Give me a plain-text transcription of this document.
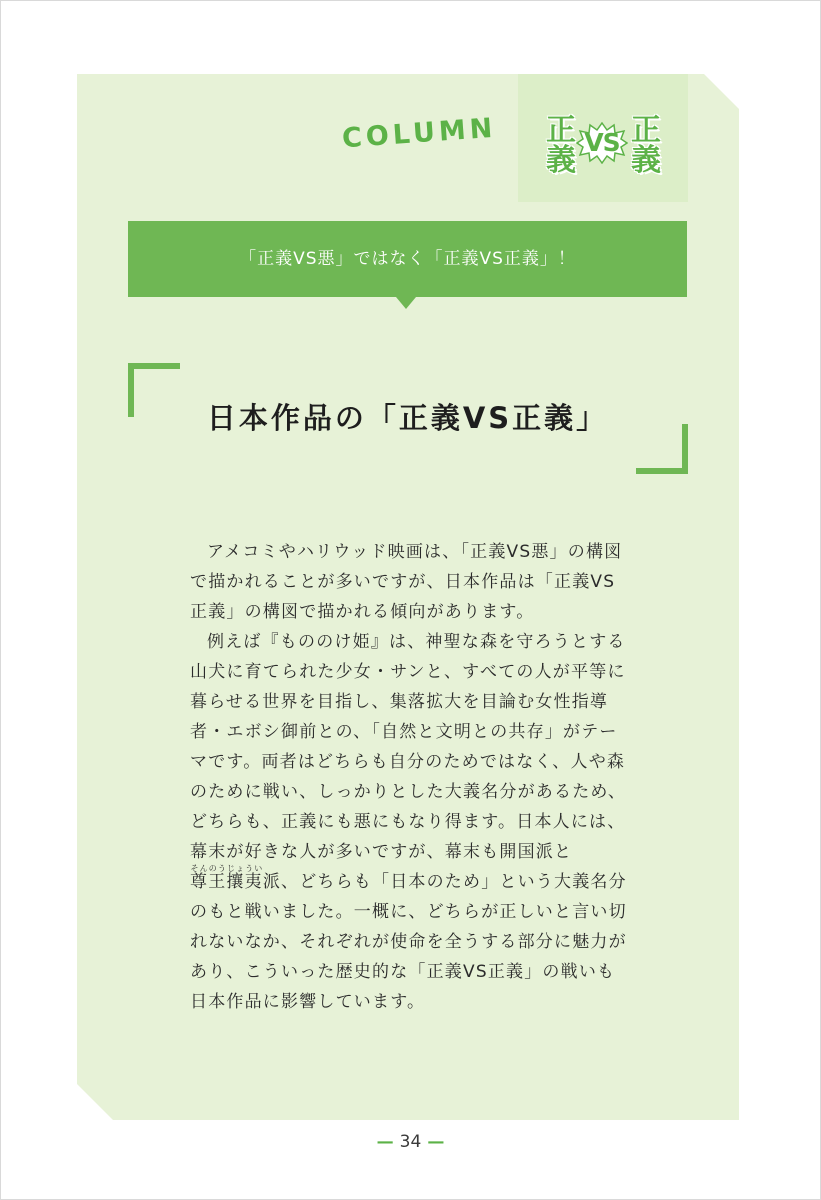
COLUMN 正義
VS 正義
「正義VS悪」ではなく「正義VS正義」！
日本作品の「正義VS正義」

アメコミやハリウッド映画は、「正義VS悪」の構図で描かれることが多いですが、日本作品は「正義VS正義」の構図で描かれる傾向があります。

例えば『もののけ姫』は、神聖な森を守ろうとする山犬に育てられた少女・サンと、すべての人が平等に暮らせる世界を目指し、集落拡大を目論む女性指導者・エボシ御前との、「自然と文明との共存」がテーマです。両者はどちらも自分のためではなく、人や森のために戦い、しっかりとした大義名分があるため、どちらも、正義にも悪にもなり得ます。日本人には、幕末が好きな人が多いですが、幕末も開国派と尊王攘夷そんのうじょうい派、どちらも「日本のため」という大義名分のもと戦いました。一概に、どちらが正しいと言い切れないなか、それぞれが使命を全うする部分に魅力があり、こういった歴史的な「正義VS正義」の戦いも日本作品に影響しています。

— 34 —
